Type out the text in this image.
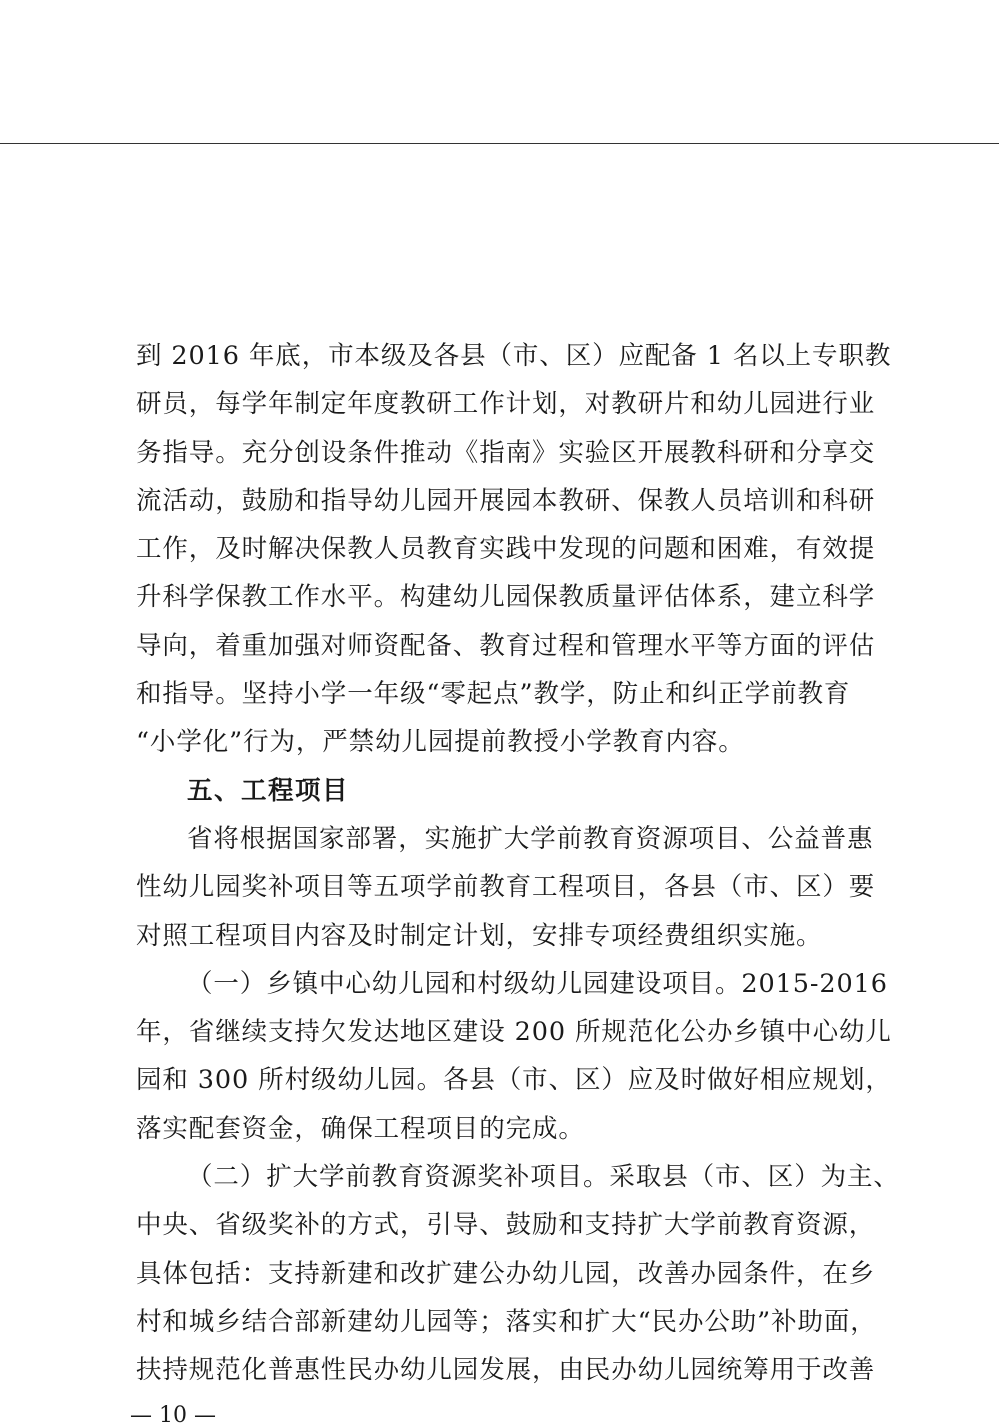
到 2016 年底，市本级及各县（市、区）应配备 1 名以上专职教
研员，每学年制定年度教研工作计划，对教研片和幼儿园进行业
务指导。充分创设条件推动《指南》实验区开展教科研和分享交
流活动，鼓励和指导幼儿园开展园本教研、保教人员培训和科研
工作，及时解决保教人员教育实践中发现的问题和困难，有效提
升科学保教工作水平。构建幼儿园保教质量评估体系，建立科学
导向，着重加强对师资配备、教育过程和管理水平等方面的评估
和指导。坚持小学一年级“零起点”教学，防止和纠正学前教育
“小学化”行为，严禁幼儿园提前教授小学教育内容。
五、工程项目
省将根据国家部署，实施扩大学前教育资源项目、公益普惠
性幼儿园奖补项目等五项学前教育工程项目，各县（市、区）要
对照工程项目内容及时制定计划，安排专项经费组织实施。
（一）乡镇中心幼儿园和村级幼儿园建设项目。2015-2016
年，省继续支持欠发达地区建设 200 所规范化公办乡镇中心幼儿
园和 300 所村级幼儿园。各县（市、区）应及时做好相应规划，
落实配套资金，确保工程项目的完成。
（二）扩大学前教育资源奖补项目。采取县（市、区）为主、
中央、省级奖补的方式，引导、鼓励和支持扩大学前教育资源，
具体包括：支持新建和改扩建公办幼儿园，改善办园条件，在乡
村和城乡结合部新建幼儿园等；落实和扩大“民办公助”补助面，
扶持规范化普惠性民办幼儿园发展，由民办幼儿园统筹用于改善
— 10 —
